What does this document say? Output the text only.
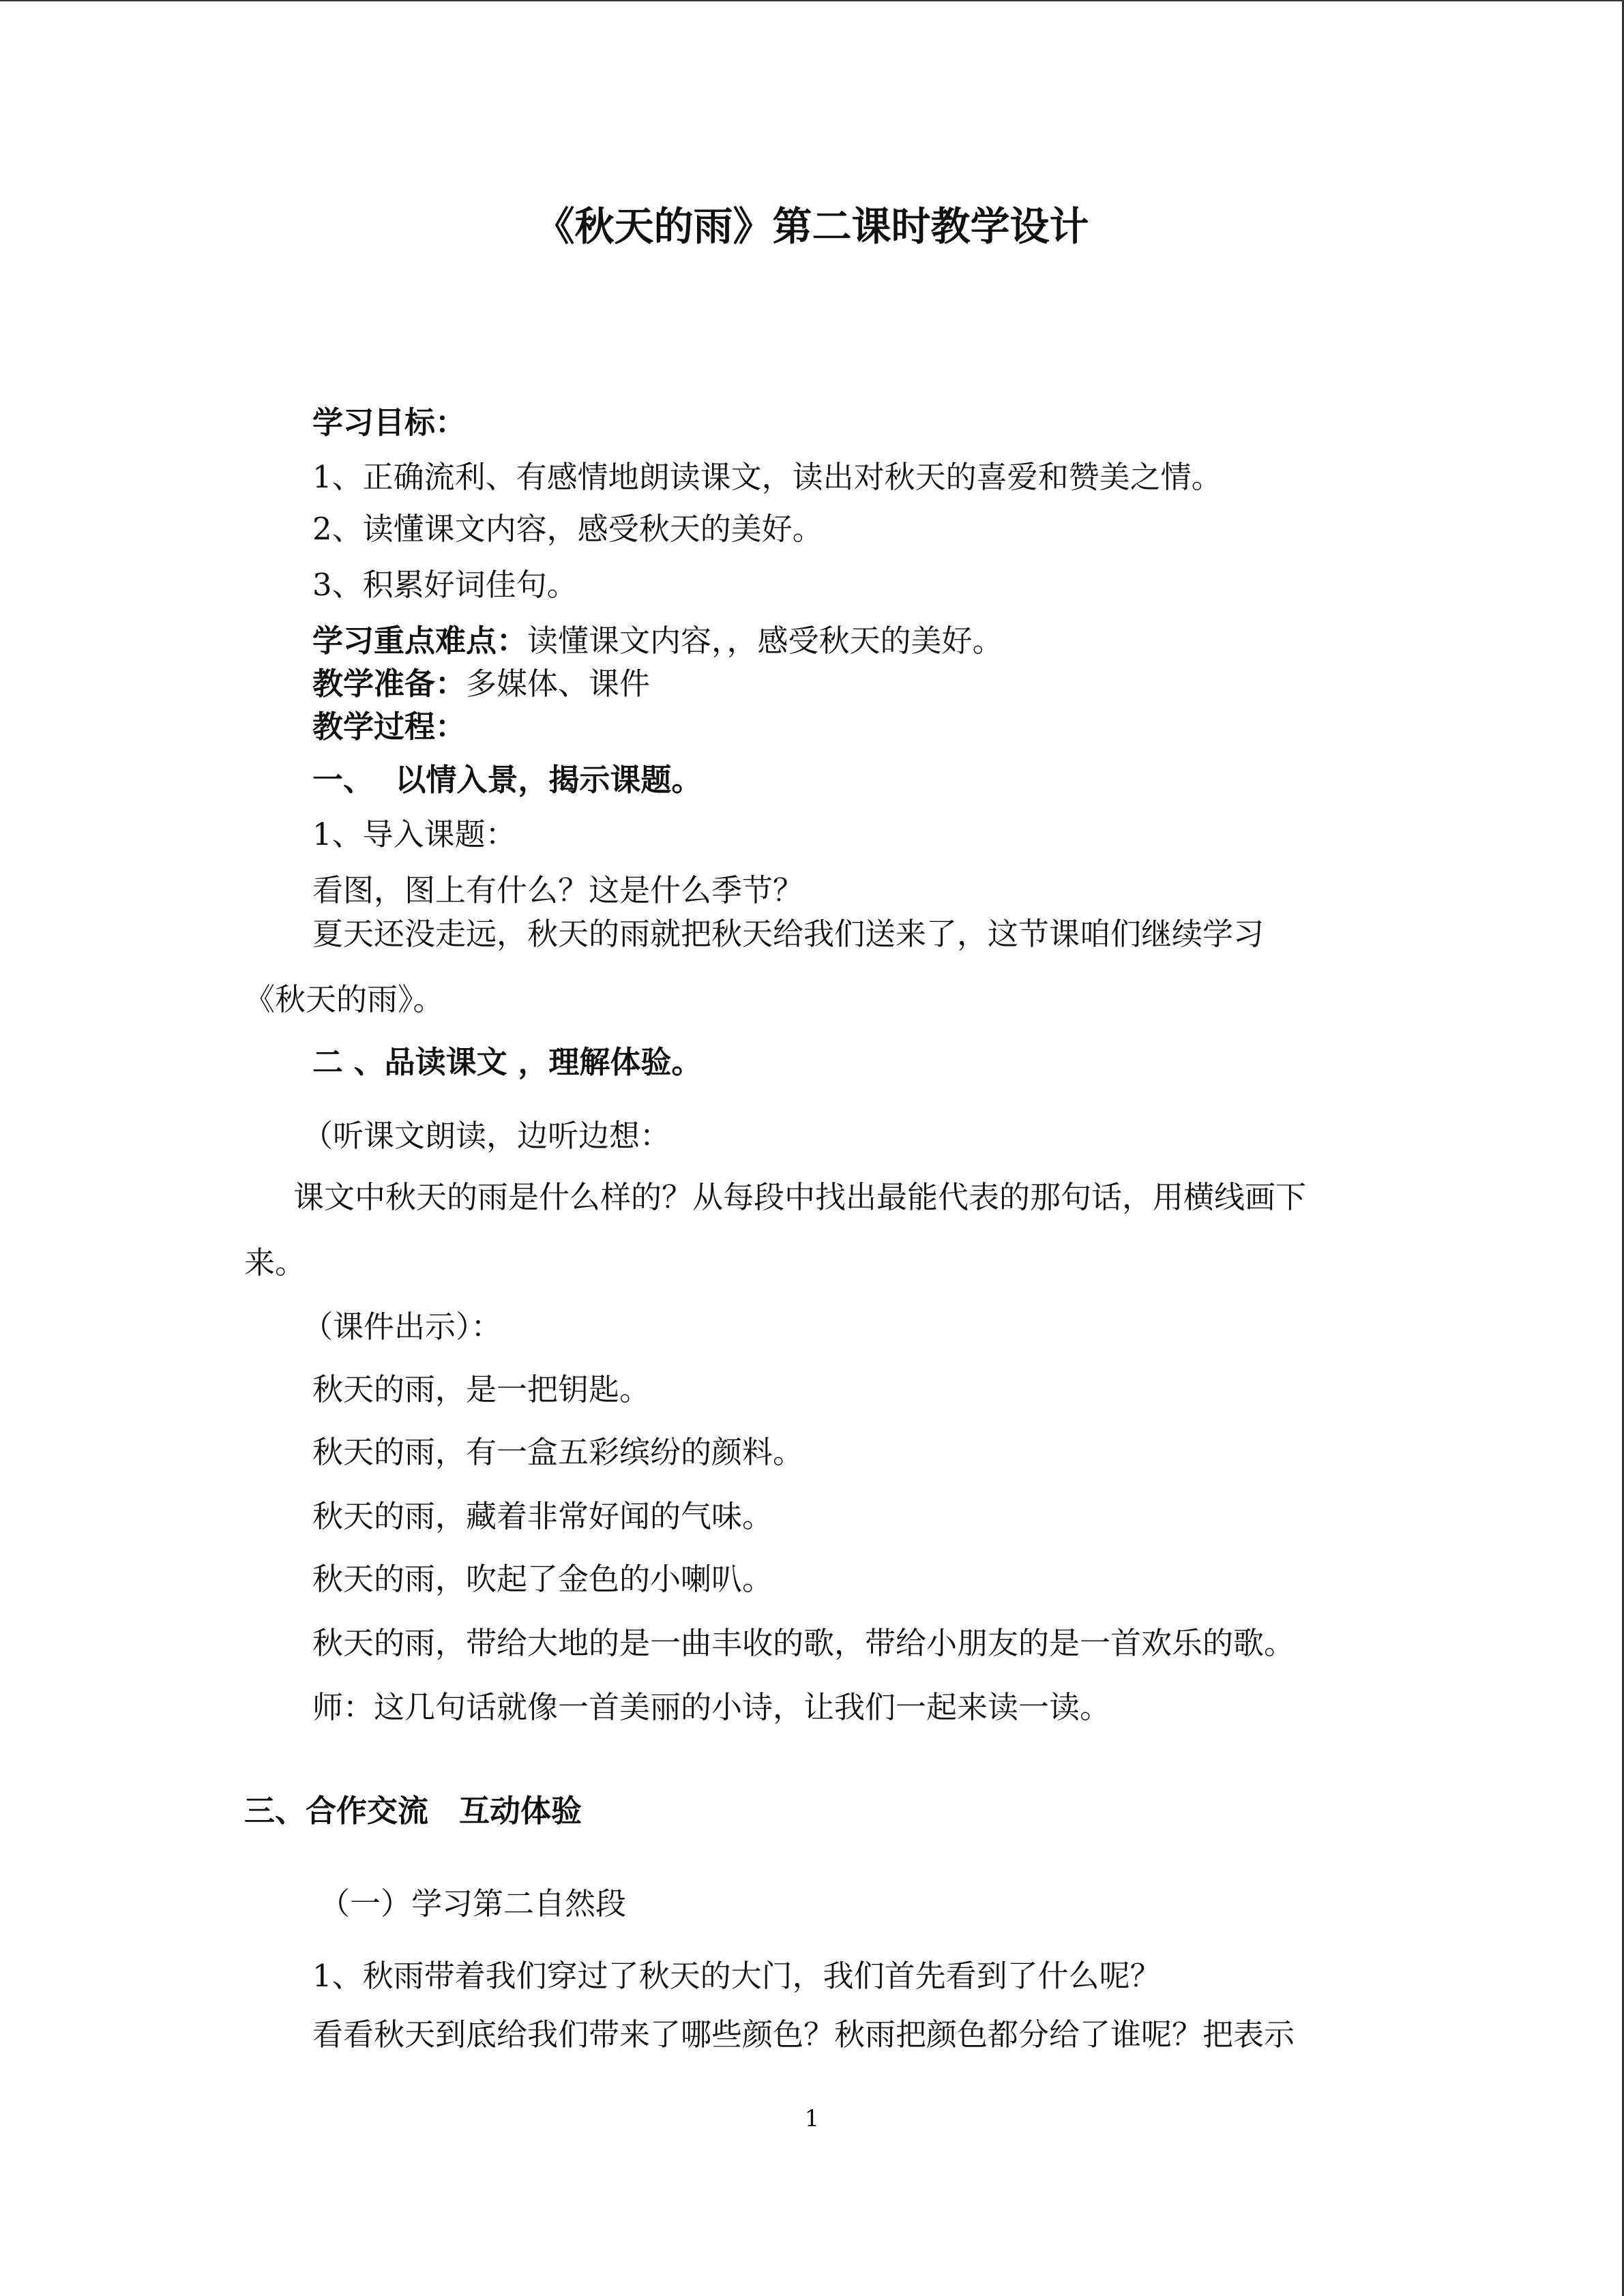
《秋天的雨》第二课时教学设计
学习目标：
1、正确流利、有感情地朗读课文，读出对秋天的喜爱和赞美之情。
2、读懂课文内容，感受秋天的美好。
3、积累好词佳句。
学习重点难点：读懂课文内容，，感受秋天的美好。
教学准备：多媒体、课件
教学过程：
一、  以情入景，揭示课题。
1、导入课题：
看图，图上有什么？这是什么季节？
夏天还没走远，秋天的雨就把秋天给我们送来了，这节课咱们继续学习
《秋天的雨》。
二 、品读课文 ，理解体验。
（听课文朗读，边听边想：
课文中秋天的雨是什么样的？从每段中找出最能代表的那句话，用横线画下
来。
（课件出示）：
秋天的雨，是一把钥匙。
秋天的雨，有一盒五彩缤纷的颜料。
秋天的雨，藏着非常好闻的气味。
秋天的雨，吹起了金色的小喇叭。
秋天的雨，带给大地的是一曲丰收的歌，带给小朋友的是一首欢乐的歌。
师：这几句话就像一首美丽的小诗，让我们一起来读一读。
三、合作交流　互动体验
（一）学习第二自然段
1、秋雨带着我们穿过了秋天的大门，我们首先看到了什么呢？
看看秋天到底给我们带来了哪些颜色？秋雨把颜色都分给了谁呢？把表示
1
